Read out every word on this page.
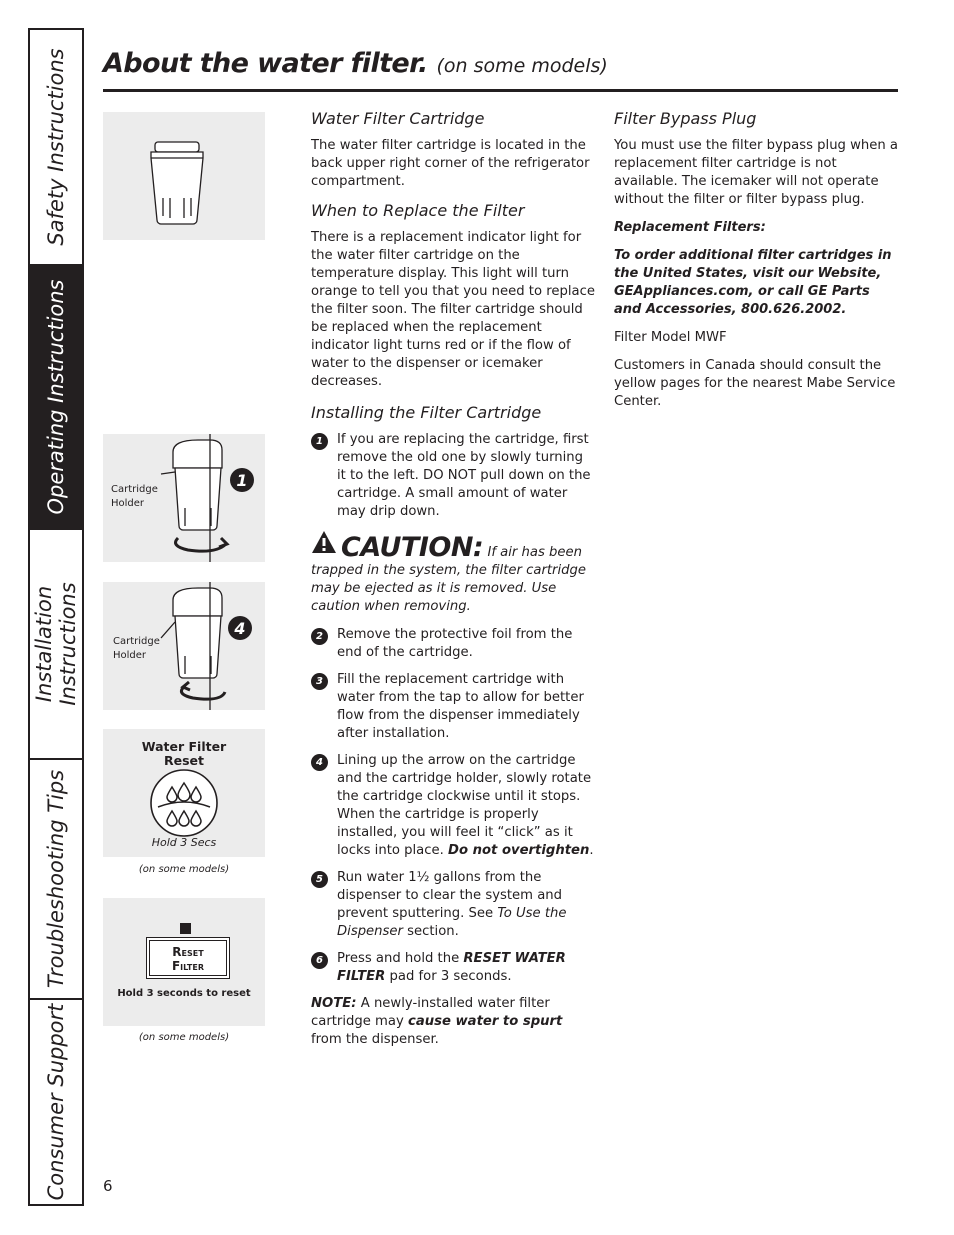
Safety Instructions
Operating Instructions
Installation Instructions
Troubleshooting Tips
Consumer Support
About the water filter. (on some models)
Cartridge Holder
1
Cartridge Holder
4
Water Filter Reset
Hold 3 Secs
(on some models)
Reset
Filter
Hold 3 seconds to reset
(on some models)
Water Filter Cartridge

The water filter cartridge is located in the back upper right corner of the refrigerator compartment.

When to Replace the Filter

There is a replacement indicator light for the water filter cartridge on the temperature display. This light will turn orange to tell you that you need to replace the filter soon. The filter cartridge should be replaced when the replacement indicator light turns red or if the flow of water to the dispenser or icemaker decreases.

Installing the Filter Cartridge
1	If you are replacing the cartridge, first remove the old one by slowly turning it to the left. DO NOT pull down on the cartridge. A small amount of water may drip down.
CAUTION: If air has been trapped in the system, the filter cartridge may be ejected as it is removed. Use caution when removing.
2	Remove the protective foil from the end of the cartridge.
3	Fill the replacement cartridge with water from the tap to allow for better flow from the dispenser immediately after installation.
4	Lining up the arrow on the cartridge and the cartridge holder, slowly rotate the cartridge clockwise until it stops. When the cartridge is properly installed, you will feel it “click” as it locks into place. Do not overtighten.
5	Run water 1½ gallons from the dispenser to clear the system and prevent sputtering. See To Use the Dispenser section.
6	Press and hold the RESET WATER FILTER pad for 3 seconds.

NOTE: A newly-installed water filter cartridge may cause water to spurt from the dispenser.

Filter Bypass Plug

You must use the filter bypass plug when a replacement filter cartridge is not available. The icemaker will not operate without the filter or filter bypass plug.

Replacement Filters:

To order additional filter cartridges in the United States, visit our Website, GEAppliances.com, or call GE Parts and Accessories, 800.626.2002.

Filter Model MWF

Customers in Canada should consult the yellow pages for the nearest Mabe Service Center.

6
